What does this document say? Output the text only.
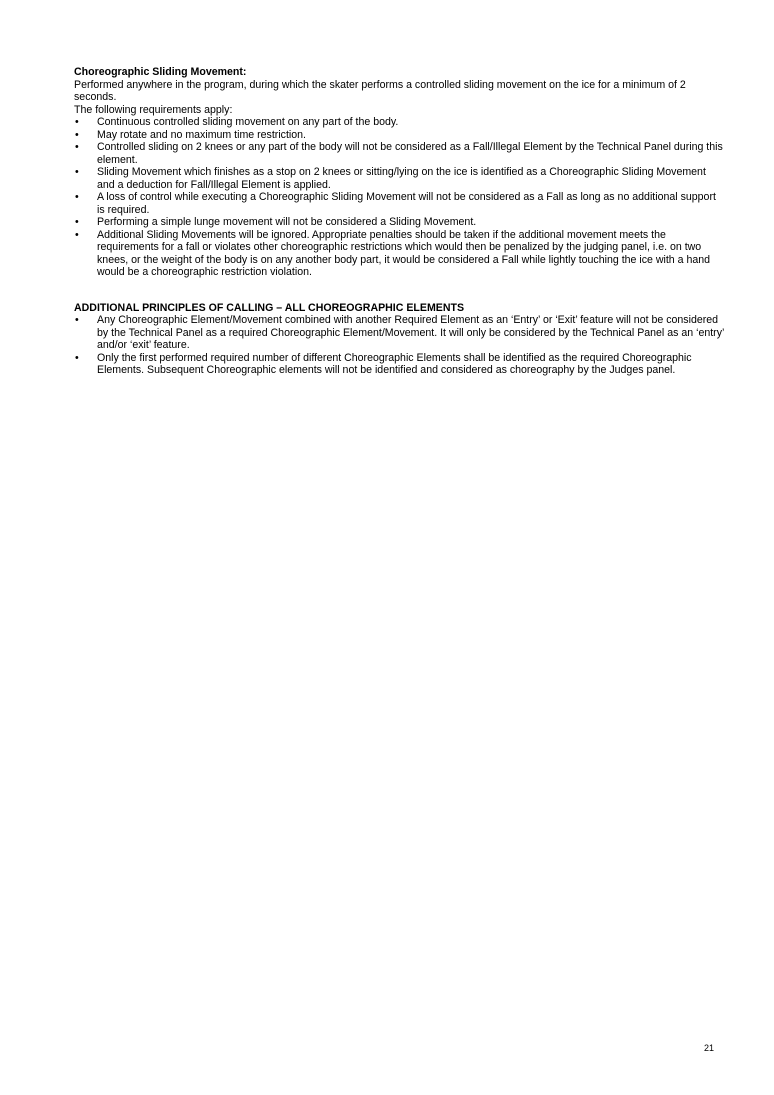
Choreographic Sliding Movement:

Performed anywhere in the program, during which the skater performs a controlled sliding movement on the ice for a minimum of 2 seconds.

The following requirements apply:

• Continuous controlled sliding movement on any part of the body.
• May rotate and no maximum time restriction.
• Controlled sliding on 2 knees or any part of the body will not be considered as a Fall/Illegal Element by the Technical Panel during this element.
• Sliding Movement which finishes as a stop on 2 knees or sitting/lying on the ice is identified as a Choreographic Sliding Movement and a deduction for Fall/Illegal Element is applied.
• A loss of control while executing a Choreographic Sliding Movement will not be considered as a Fall as long as no additional support is required.
• Performing a simple lunge movement will not be considered a Sliding Movement.
• Additional Sliding Movements will be ignored. Appropriate penalties should be taken if the additional movement meets the requirements for a fall or violates other choreographic restrictions which would then be penalized by the judging panel, i.e. on two knees, or the weight of the body is on any another body part, it would be considered a Fall while lightly touching the ice with a hand would be a choreographic restriction violation.

ADDITIONAL PRINCIPLES OF CALLING – ALL CHOREOGRAPHIC ELEMENTS

• Any Choreographic Element/Movement combined with another Required Element as an ‘Entry’ or ‘Exit’ feature will not be considered by the Technical Panel as a required Choreographic Element/Movement. It will only be considered by the Technical Panel as an ‘entry’ and/or ‘exit’ feature.
• Only the first performed required number of different Choreographic Elements shall be identified as the required Choreographic Elements. Subsequent Choreographic elements will not be identified and considered as choreography by the Judges panel.
21
